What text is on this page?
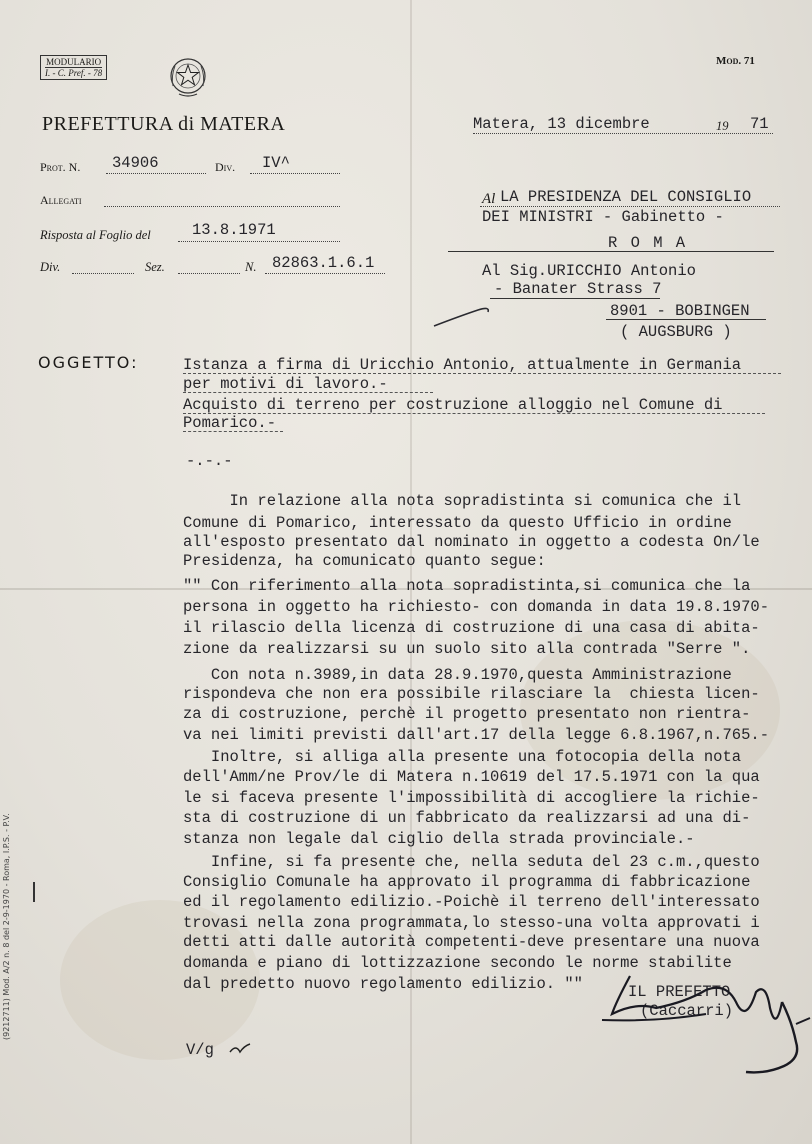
MODULARIO
I. - C. Pref. - 78
Mod. 71
PREFETTURA di MATERA	Matera, 13 dicembre	19 71
Prot. N. 34906	Div. IV^
Allegati
Risposta al Foglio del	13.8.1971
Div.	Sez.	N. 82863.1.6.1
Al LA PRESIDENZA DEL CONSIGLIO
DEI MINISTRI - Gabinetto -
R O M A
Al Sig.URICCHIO Antonio
- Banater Strass 7
8901 - BOBINGEN
( AUGSBURG )
OGGETTO:	Istanza a firma di Uricchio Antonio, attualmente in Germania
per motivi di lavoro.-
Acquisto di terreno per costruzione alloggio nel Comune di
Pomarico.-
-.-.-
In relazione alla nota sopradistinta si comunica che il
Comune di Pomarico, interessato da questo Ufficio in ordine
all'esposto presentato dal nominato in oggetto a codesta On/le
Presidenza, ha comunicato quanto segue:
"" Con riferimento alla nota sopradistinta,si comunica che la
persona in oggetto ha richiesto- con domanda in data 19.8.1970-
il rilascio della licenza di costruzione di una casa di abita-
zione da realizzarsi su un suolo sito alla contrada "Serre ".
Con nota n.3989,in data 28.9.1970,questa Amministrazione
rispondeva che non era possibile rilasciare la  chiesta licen-
za di costruzione, perchè il progetto presentato non rientra-
va nei limiti previsti dall'art.17 della legge 6.8.1967,n.765.-
Inoltre, si alliga alla presente una fotocopia della nota
dell'Amm/ne Prov/le di Matera n.10619 del 17.5.1971 con la qua
le si faceva presente l'impossibilità di accogliere la richie-
sta di costruzione di un fabbricato da realizzarsi ad una di-
stanza non legale dal ciglio della strada provinciale.-
Infine, si fa presente che, nella seduta del 23 c.m.,questo
Consiglio Comunale ha approvato il programma di fabbricazione
ed il regolamento edilizio.-Poichè il terreno dell'interessato
trovasi nella zona programmata,lo stesso-una volta approvati i
detti atti dalle autorità competenti-deve presentare una nuova
domanda e piano di lottizzazione secondo le norme stabilite
dal predetto nuovo regolamento edilizio. ""	IL PREFETTO
(Caccarri)
V/g
(9212711) Mod. A/2 n. 8 del 2-9-1970 - Roma, I.P.S. - P.V.
